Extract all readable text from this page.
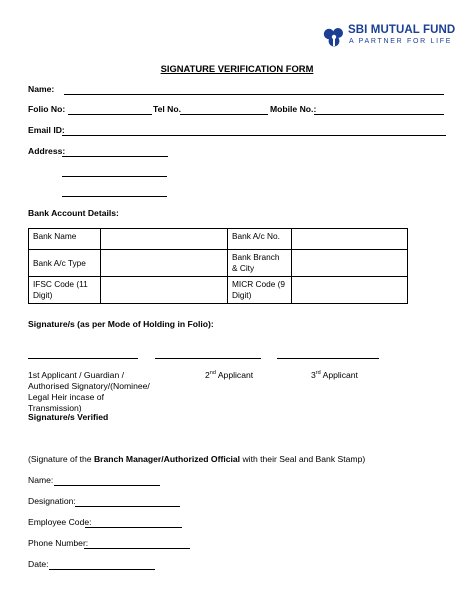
SBI MUTUAL FUND
A PARTNER FOR LIFE
SIGNATURE VERIFICATION FORM
Name:
Folio No:	Tel No.	Mobile No.:
Email ID:
Address:
Bank Account Details:
Bank Name		Bank A/c No.	
Bank A/c Type		Bank Branch & City	
IFSC Code (11 Digit)		MICR Code (9 Digit)	
Signature/s (as per Mode of Holding in Folio):
1st Applicant / Guardian / Authorised Signatory/(Nominee/ Legal Heir incase of Transmission)
2nd Applicant	3rd Applicant
Signature/s Verified
(Signature of the Branch Manager/Authorized Official with their Seal and Bank Stamp)
Name:
Designation:
Employee Code:
Phone Number:
Date:
